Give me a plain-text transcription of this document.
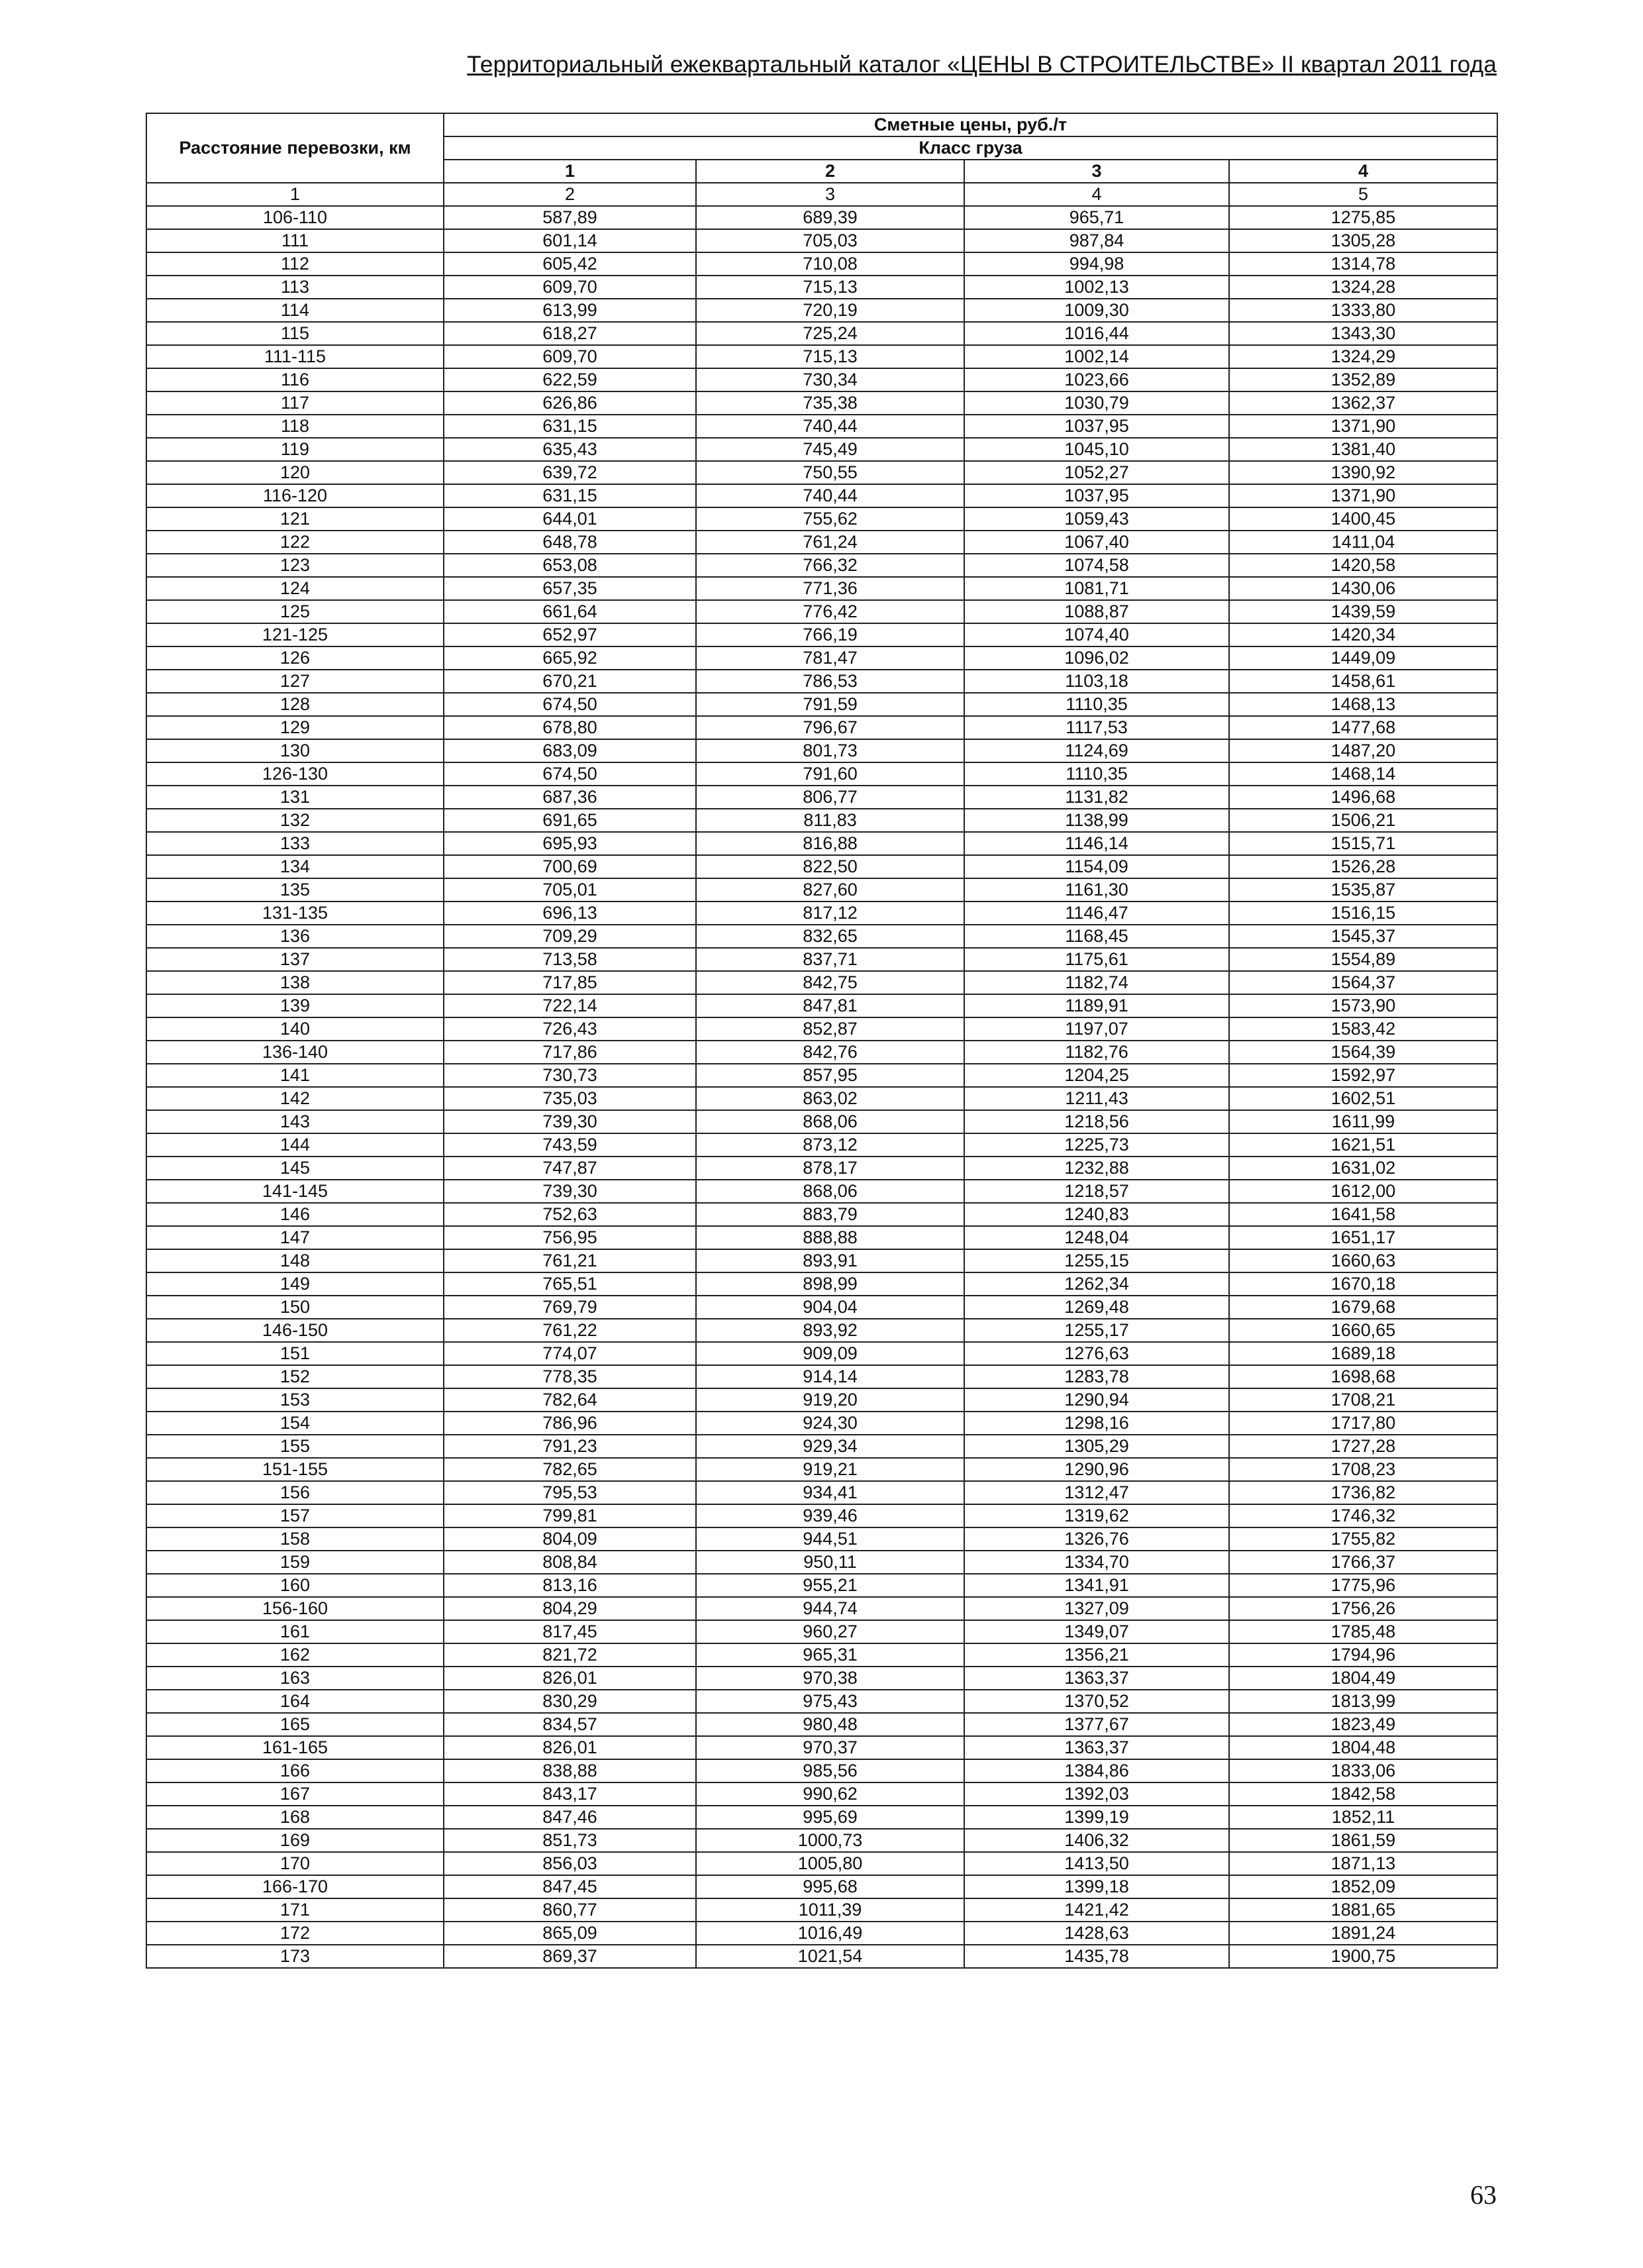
Территориальный ежеквартальный каталог «ЦЕНЫ В СТРОИТЕЛЬСТВЕ» II квартал 2011 года
Расстояние перевозки, км	Сметные цены, руб./т			
	Класс груза			
	1	2	3	4
1	2	3	4	5
106-110	587,89	689,39	965,71	1275,85
111	601,14	705,03	987,84	1305,28
112	605,42	710,08	994,98	1314,78
113	609,70	715,13	1002,13	1324,28
114	613,99	720,19	1009,30	1333,80
115	618,27	725,24	1016,44	1343,30
111-115	609,70	715,13	1002,14	1324,29
116	622,59	730,34	1023,66	1352,89
117	626,86	735,38	1030,79	1362,37
118	631,15	740,44	1037,95	1371,90
119	635,43	745,49	1045,10	1381,40
120	639,72	750,55	1052,27	1390,92
116-120	631,15	740,44	1037,95	1371,90
121	644,01	755,62	1059,43	1400,45
122	648,78	761,24	1067,40	1411,04
123	653,08	766,32	1074,58	1420,58
124	657,35	771,36	1081,71	1430,06
125	661,64	776,42	1088,87	1439,59
121-125	652,97	766,19	1074,40	1420,34
126	665,92	781,47	1096,02	1449,09
127	670,21	786,53	1103,18	1458,61
128	674,50	791,59	1110,35	1468,13
129	678,80	796,67	1117,53	1477,68
130	683,09	801,73	1124,69	1487,20
126-130	674,50	791,60	1110,35	1468,14
131	687,36	806,77	1131,82	1496,68
132	691,65	811,83	1138,99	1506,21
133	695,93	816,88	1146,14	1515,71
134	700,69	822,50	1154,09	1526,28
135	705,01	827,60	1161,30	1535,87
131-135	696,13	817,12	1146,47	1516,15
136	709,29	832,65	1168,45	1545,37
137	713,58	837,71	1175,61	1554,89
138	717,85	842,75	1182,74	1564,37
139	722,14	847,81	1189,91	1573,90
140	726,43	852,87	1197,07	1583,42
136-140	717,86	842,76	1182,76	1564,39
141	730,73	857,95	1204,25	1592,97
142	735,03	863,02	1211,43	1602,51
143	739,30	868,06	1218,56	1611,99
144	743,59	873,12	1225,73	1621,51
145	747,87	878,17	1232,88	1631,02
141-145	739,30	868,06	1218,57	1612,00
146	752,63	883,79	1240,83	1641,58
147	756,95	888,88	1248,04	1651,17
148	761,21	893,91	1255,15	1660,63
149	765,51	898,99	1262,34	1670,18
150	769,79	904,04	1269,48	1679,68
146-150	761,22	893,92	1255,17	1660,65
151	774,07	909,09	1276,63	1689,18
152	778,35	914,14	1283,78	1698,68
153	782,64	919,20	1290,94	1708,21
154	786,96	924,30	1298,16	1717,80
155	791,23	929,34	1305,29	1727,28
151-155	782,65	919,21	1290,96	1708,23
156	795,53	934,41	1312,47	1736,82
157	799,81	939,46	1319,62	1746,32
158	804,09	944,51	1326,76	1755,82
159	808,84	950,11	1334,70	1766,37
160	813,16	955,21	1341,91	1775,96
156-160	804,29	944,74	1327,09	1756,26
161	817,45	960,27	1349,07	1785,48
162	821,72	965,31	1356,21	1794,96
163	826,01	970,38	1363,37	1804,49
164	830,29	975,43	1370,52	1813,99
165	834,57	980,48	1377,67	1823,49
161-165	826,01	970,37	1363,37	1804,48
166	838,88	985,56	1384,86	1833,06
167	843,17	990,62	1392,03	1842,58
168	847,46	995,69	1399,19	1852,11
169	851,73	1000,73	1406,32	1861,59
170	856,03	1005,80	1413,50	1871,13
166-170	847,45	995,68	1399,18	1852,09
171	860,77	1011,39	1421,42	1881,65
172	865,09	1016,49	1428,63	1891,24
173	869,37	1021,54	1435,78	1900,75
63
